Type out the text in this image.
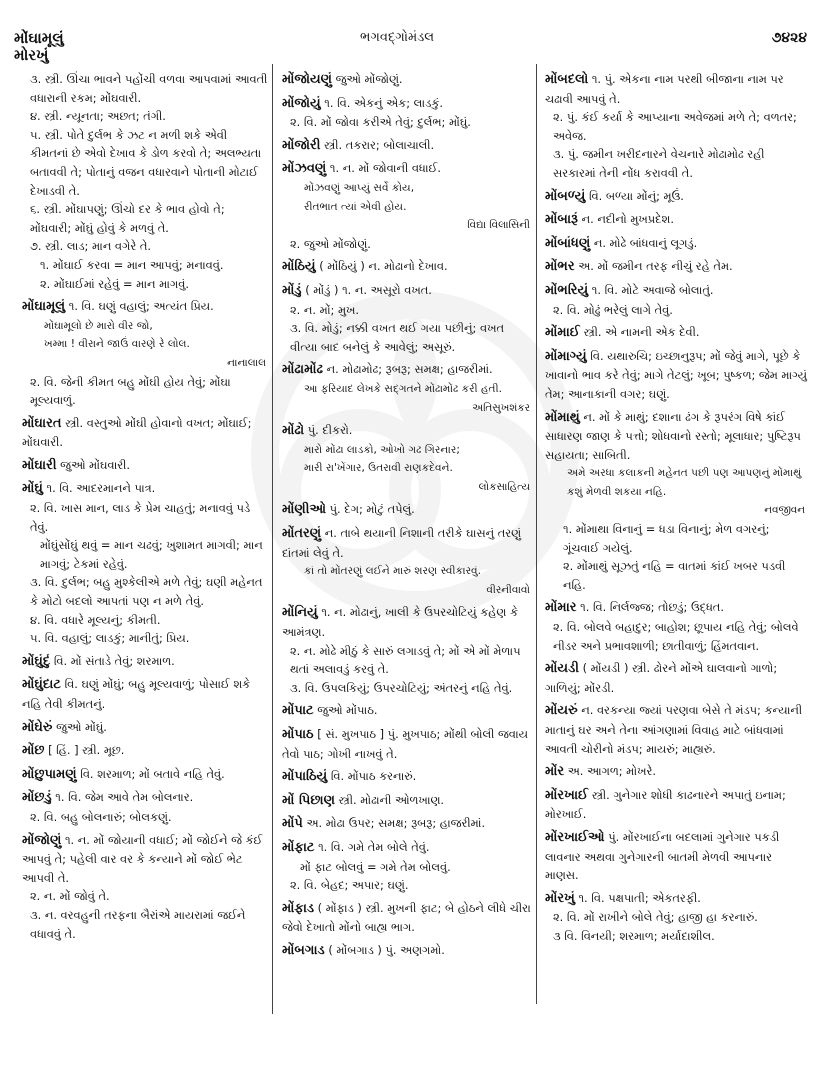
મોંઘામૂલું
મોરખું
ભગવદ્ગોમંડલ	૭૪૨૪
૩. સ્ત્રી. ઊંચા ભાવને પહોંચી વળવા આપવામાં આવતી વધારાની રકમ; મોંઘવારી.
૪. સ્ત્રી. ન્યૂનતા; અછત; તંગી.
૫. સ્ત્રી. પોતે દુર્લભ કે ઝટ ન મળી શકે એવી કીમતનાં છે એવો દેખાવ કે ડોળ કરવો તે; અલભ્યતા બતાવવી તે; પોતાનું વજન વધારવાને પોતાની મોટાઈ દેખાડવી તે.
૬. સ્ત્રી. મોંઘાપણું; ઊંચો દર કે ભાવ હોવો તે; મોંઘવારી; મોંઘું હોવું કે મળવું તે.
૭. સ્ત્રી. લાડ; માન વગેરે તે.
૧. મોંઘાઈ કરવા = માન આપવું; મનાવવું.
૨. મોંઘાઈમાં રહેવું = માન માગવું.
મોંઘામૂલું ૧. વિ. ઘણું વહાલું; અત્યંત પ્રિય.
મોંઘામૂલો છે મારો વીર જો,
ખમ્મા ! વીરાને જાઉં વારણે રે લોલ.
નાનાલાલ
૨. વિ. જેની કીમત બહુ મોંઘી હોય તેવું; મોંઘા મૂલ્યવાળું.
મોંઘારત સ્ત્રી. વસ્તુઓ મોંઘી હોવાનો વખત; મોંઘાઈ; મોંઘવારી.
મોંઘારી જુઓ મોંઘવારી.
મોંઘું ૧. વિ. આદરમાનને પાત્ર.
૨. વિ. ખાસ માન, લાડ કે પ્રેમ ચાહતું; મનાવવું પડે તેવું.
મોંઘુંસોંઘું થવું = માન ચઢવું; ખુશામત માગવી; માન માગવું; ટેકમાં રહેવું.
૩. વિ. દુર્લભ; બહુ મુશ્કેલીએ મળે તેવું; ઘણી મહેનત કે મોટો બદલો આપતાં પણ ન મળે તેવું.
૪. વિ. વધારે મૂલ્યનું; કીમતી.
૫. વિ. વહાલું; લાડકું; માનીતું; પ્રિય.
મોંઘુંદું વિ. મોં સંતાડે તેવું; શરમાળ.
મોંઘુંદાટ વિ. ઘણું મોંઘું; બહુ મૂલ્યવાળું; પોસાઈ શકે નહિ તેવી કીમતનું.
મોંઘેરું જુઓ મોંઘું.
મોંછ [ હિં. ] સ્ત્રી. મૂછ.
મોંછુપામણું વિ. શરમાળ; મોં બતાવે નહિ તેવું.
મોંછડું ૧. વિ. જેમ આવે તેમ બોલનાર.
૨. વિ. બહુ બોલનારું; બોલકણું.
મોંજોણું ૧. ન. મોં જોયાની વધાઈ; મોં જોઈને જે કંઈ આપવું તે; પહેલી વાર વર કે કન્યાને મોં જોઈ ભેટ આપવી તે.
૨. ન. મોં જોવું તે.
૩. ન. વરવહુની તરફના બૈરાંએ માયરામાં જઈને વધાવવું તે.
મોંજોયણું જુઓ મોંજોણું.
મોંજોયું ૧. વિ. એકનું એક; લાડકું.
૨. વિ. મોં જોવા કરીએ તેવું; દુર્લભ; મોંઘું.
મોંજોરી સ્ત્રી. તકરાર; બોલાચાલી.
મોંઝવણું ૧. ન. મોં જોવાની વધાઈ.
મોંઝવણું આપ્યું સર્વે કોય,
રીતભાત ત્યાં એવી હોય.
વિદ્યા વિલાસિની
૨. જુઓ મોંજોણું.
મોંઠિયું ( મોંઠિયું ) ન. મોઢાનો દેખાવ.
મોંડું ( મોંડું ) ૧. ન. અસૂરો વખત.
૨. ન. મોં; મુખ.
૩. વિ. મોડું; નક્કી વખત થઈ ગયા પછીનું; વખત વીત્યા બાદ બનેલું કે આવેલું; અસૂરું.
મોંઢામોંઢ ન. મોઢામોઢ; રૂબરૂ; સમક્ષ; હાજરીમાં.
આ ફરિયાદ લેખકે સદ્ગતને મોંઢામોંઢ કરી હતી.
અતિસુખશંકર
મોંઢો પું. દીકરો.
મારો મોંઢા લાડકો, ઓખો ગઢ ગિરનાર;
મારી રા'ખેંગાર, ઉતરાવી રાણકદેવને.
લોકસાહિત્ય
મોંણીઓ પું. દેગ; મોટું તપેલું.
મોંતરણું ન. તાબે થયાની નિશાની તરીકે ઘાસનું તરણું દાંતમાં લેવું તે.
કાં તો મોંતરણું લઈને મારું શરણ સ્વીકારવું.
વીરનીવાવો
મોંનિયું ૧. ન. મોઢાનું, ખાલી કે ઉપરચોટિયું કહેણ કે આમંત્રણ.
૨. ન. મોઢે મીઠું કે સારું લગાડવું તે; મોં એ મોં મેળાપ થતાં અલાવડું કરવું તે.
૩. વિ. ઉપલકિયું; ઉપરચોટિયું; અંતરનું નહિ તેવું.
મોંપાટ જુઓ મોંપાઠ.
મોંપાઠ [ સં. મુખપાઠ ] પું. મુખપાઠ; મોંથી બોલી જવાય તેવો પાઠ; ગોખી નાખવું તે.
મોંપાઠિયું વિ. મોંપાઠ કરનારું.
મોં પિછાણ સ્ત્રી. મોઢાની ઓળખાણ.
મોંપે અ. મોઢા ઉપર; સમક્ષ; રૂબરૂ; હાજરીમાં.
મોંફાટ ૧. વિ. ગમે તેમ બોલે તેવું.
મોં ફાટ બોલવું = ગમે તેમ બોલવું.
૨. વિ. બેહદ; અપાર; ઘણું.
મોંફાડ ( મોંફાડ ) સ્ત્રી. મુખની ફાટ; બે હોઠને લીધે ચીરા જેવો દેખાતો મોંનો બાહ્ય ભાગ.
મોંબગાડ ( મોંબગાડ ) પું. અણગમો.
મોંબદલો ૧. પું. એકના નામ પરથી બીજાના નામ પર ચઢાવી આપવું તે.
૨. પું. કંઈ કર્યા કે આપ્યાના અવેજમાં મળે તે; વળતર; અવેજ.
૩. પું. જમીન ખરીદનારને વેચનારે મોઢામોઢ રહી સરકારમાં તેની નોંધ કરાવવી તે.
મોંબળ્યું વિ. બળ્યા મોંનું; મૂઉં.
મોંબારૂં ન. નદીનો મુખપ્રદેશ.
મોંબાંધણું ન. મોઢે બાંધવાનું લૂગડું.
મોંભર અ. મોં જમીન તરફ નીચું રહે તેમ.
મોંભરિયું ૧. વિ. મોટે અવાજે બોલાતું.
૨. વિ. મોઢું ભરેલું લાગે તેવું.
મોંમાઈ સ્ત્રી. એ નામની એક દેવી.
મોંમાગ્યું વિ. યથારુચિ; ઇચ્છાનુરૂપ; મોં જેવું માગે, પૂછે કે ખાવાનો ભાવ કરે તેવું; માગે તેટલું; ખૂબ; પુષ્કળ; જેમ માગ્યું તેમ; આનાકાની વગર; ઘણું.
મોંમાથું ન. મોં કે માથું; દશાના ઢંગ કે રૂપરંગ વિષે કાંઈ સાધારણ જાણ કે પત્તો; શોધવાનો રસ્તો; મૂલાધાર; પુષ્ટિરૂપ સહાયતા; સાબિતી.
અમે અરધા કલાકની મહેનત પછી પણ આપણનું મોંમાથું કશું મેળવી શકયા નહિ.
નવજીવન
૧. મોંમાથા વિનાનું = ધડા વિનાનું; મેળ વગરનું; ગૂંચવાઈ ગયેલું.
૨. મોંમાથું સૂઝતું નહિ = વાતમાં કાંઈ ખબર પડવી નહિ.
મોંમાર ૧. વિ. નિર્લજ્જ; તોછડું; ઉદ્ધત.
૨. વિ. બોલવે બહાદુર; બાહોશ; છૂપાય નહિ તેવું; બોલવે નીડર અને પ્રભાવશાળી; છાતીવાળું; હિંમતવાન.
મોંયડી ( મોંયડી ) સ્ત્રી. ઢોરને મોંએ ઘાલવાનો ગાળો; ગાળિયું; મોંરડી.
મોંયરું ન. વરકન્યા જ્યાં પરણવા બેસે તે મંડપ; કન્યાની માતાનું ઘર અને તેના આંગણામાં વિવાહ માટે બાંધવામાં આવતી ચોરીનો મંડપ; માયરું; માહ્યરું.
મોંર અ. આગળ; મોખરે.
મોંરખાઈ સ્ત્રી. ગુનેગાર શોધી કાઢનારને અપાતું ઇનામ; મોરખાઈ.
મોંરખાઈઓ પું. મોંરખાઈના બદલામાં ગુનેગાર પકડી લાવનાર અથવા ગુનેગારની બાતમી મેળવી આપનાર માણસ.
મોંરખું ૧. વિ. પક્ષપાતી; એકતરફી.
૨. વિ. મોં રાખીને બોલે તેવું; હાજી હા કરનારું.
૩ વિ. વિનયી; શરમાળ; મર્યાદાશીલ.
